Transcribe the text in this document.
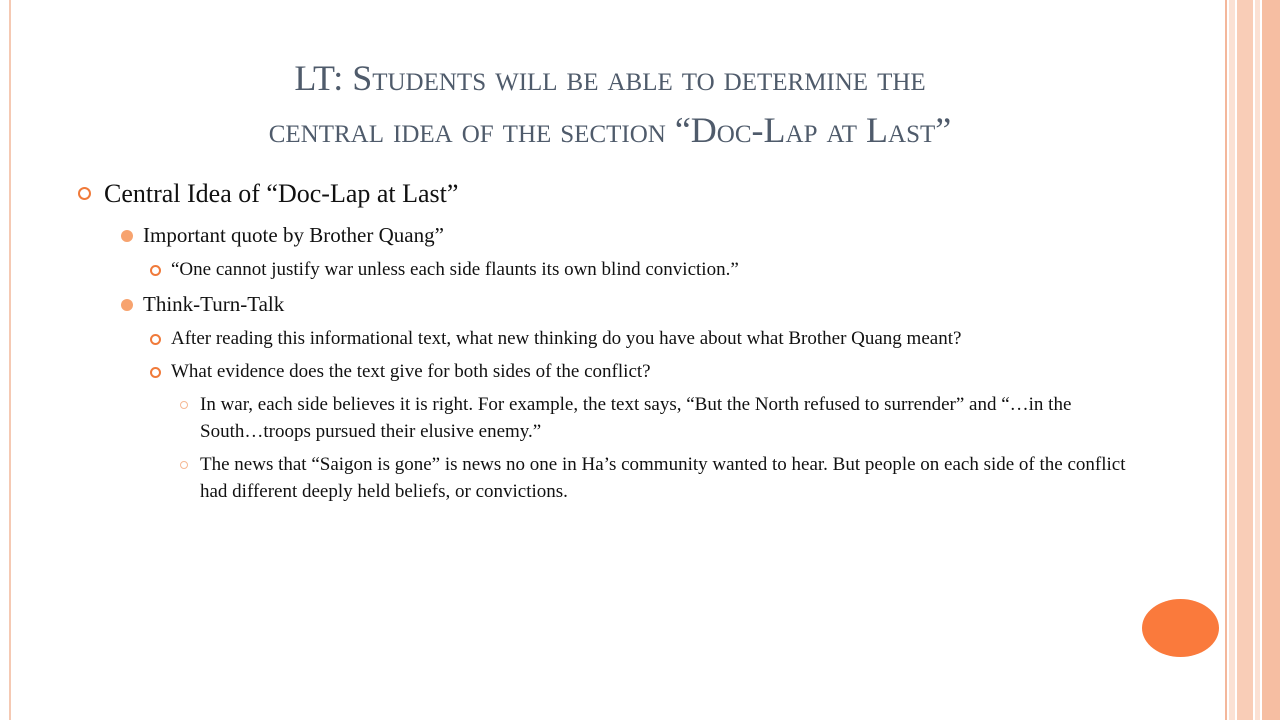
LT: Students will be able to determine the
central idea of the section “Doc-Lap at Last”
Central Idea of “Doc-Lap at Last”
Important quote by Brother Quang”
“One cannot justify war unless each side flaunts its own blind conviction.”
Think-Turn-Talk
After reading this informational text, what new thinking do you have about what Brother Quang meant?
What evidence does the text give for both sides of the conflict?
In war, each side believes it is right. For example, the text says, “But the North refused to surrender” and “…in the South…troops pursued their elusive enemy.”
The news that “Saigon is gone” is news no one in Ha’s community wanted to hear. But people on each side of the conflict had different deeply held beliefs, or convictions.
